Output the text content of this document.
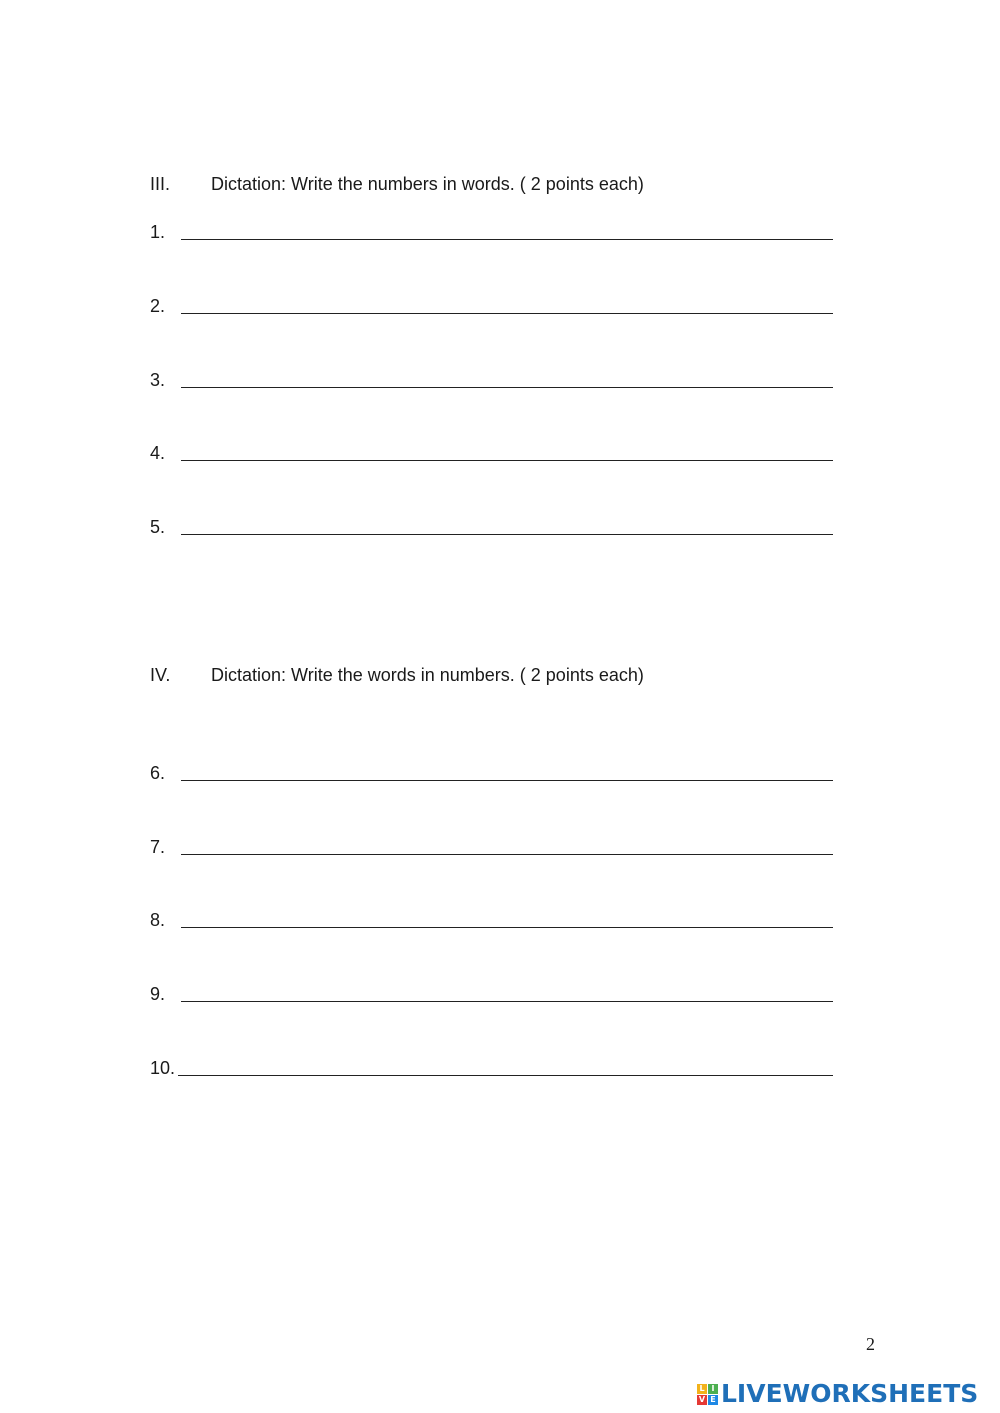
III. Dictation: Write the numbers in words. ( 2 points each)
1.
2.
3.
4.
5.
IV. Dictation: Write the words in numbers. ( 2 points each)
6.
7.
8.
9.
10.
2
L I
V E LIVEWORKSHEETS
